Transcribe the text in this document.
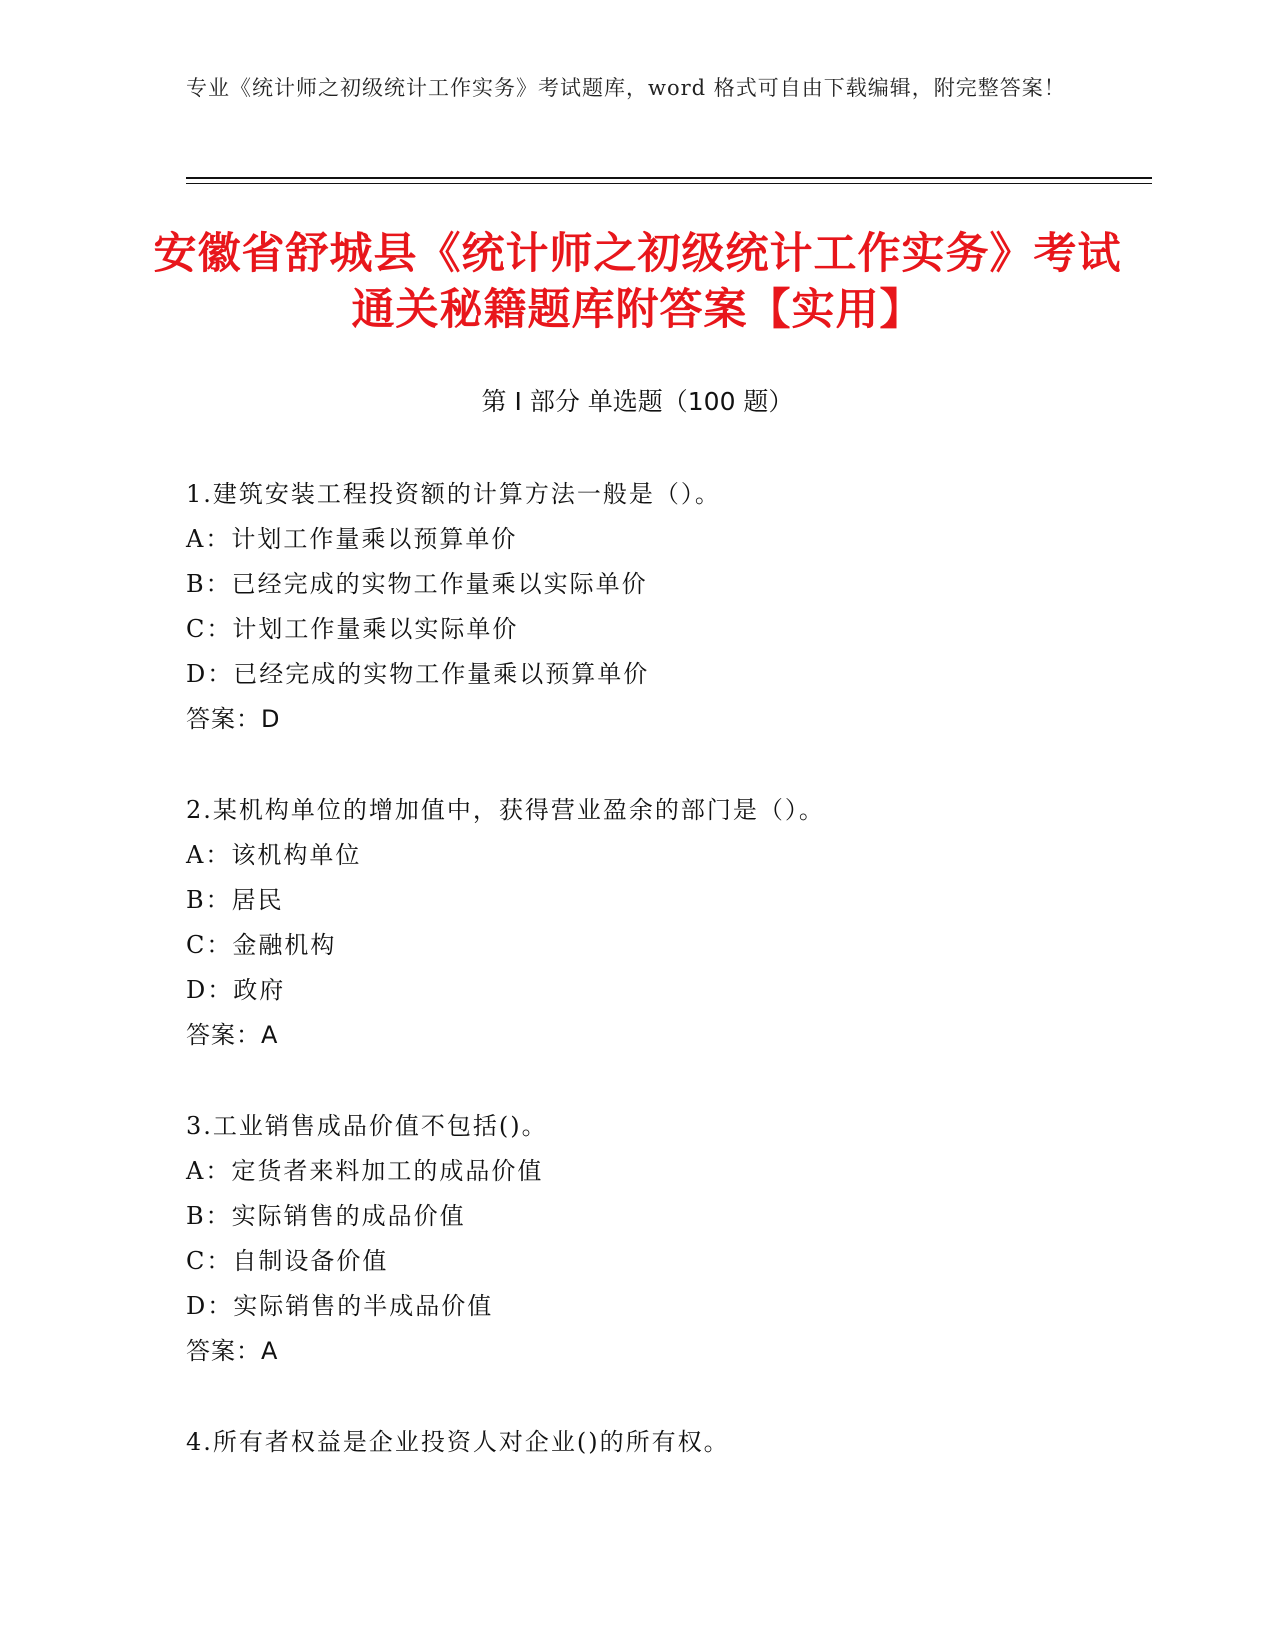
专业《统计师之初级统计工作实务》考试题库，word 格式可自由下载编辑，附完整答案！
安徽省舒城县《统计师之初级统计工作实务》考试通关秘籍题库附答案【实用】
第 I 部分 单选题（100 题）
1.建筑安装工程投资额的计算方法一般是（）。
A：计划工作量乘以预算单价
B：已经完成的实物工作量乘以实际单价
C：计划工作量乘以实际单价
D：已经完成的实物工作量乘以预算单价
答案：D
2.某机构单位的增加值中，获得营业盈余的部门是（）。
A：该机构单位
B：居民
C：金融机构
D：政府
答案：A
3.工业销售成品价值不包括()。
A：定货者来料加工的成品价值
B：实际销售的成品价值
C：自制设备价值
D：实际销售的半成品价值
答案：A
4.所有者权益是企业投资人对企业()的所有权。
